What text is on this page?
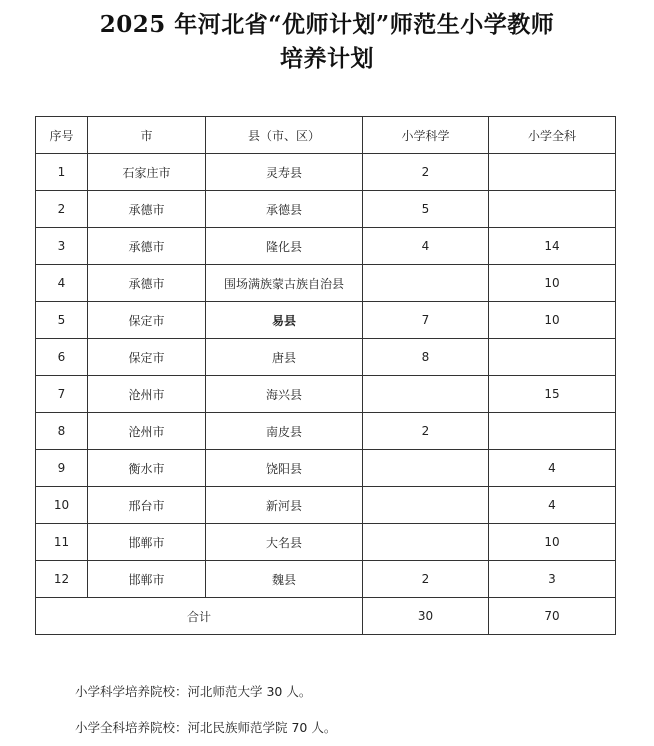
2025 年河北省“优师计划”师范生小学教师
培养计划
序号	市	县（市、区）	小学科学	小学全科
1	石家庄市	灵寿县	2	
2	承德市	承德县	5	
3	承德市	隆化县	4	14
4	承德市	围场满族蒙古族自治县		10
5	保定市	易县	7	10
6	保定市	唐县	8	
7	沧州市	海兴县		15
8	沧州市	南皮县	2	
9	衡水市	饶阳县		4
10	邢台市	新河县		4
11	邯郸市	大名县		10
12	邯郸市	魏县	2	3
合计			30	70
小学科学培养院校：河北师范大学 30 人。
小学全科培养院校：河北民族师范学院 70 人。
